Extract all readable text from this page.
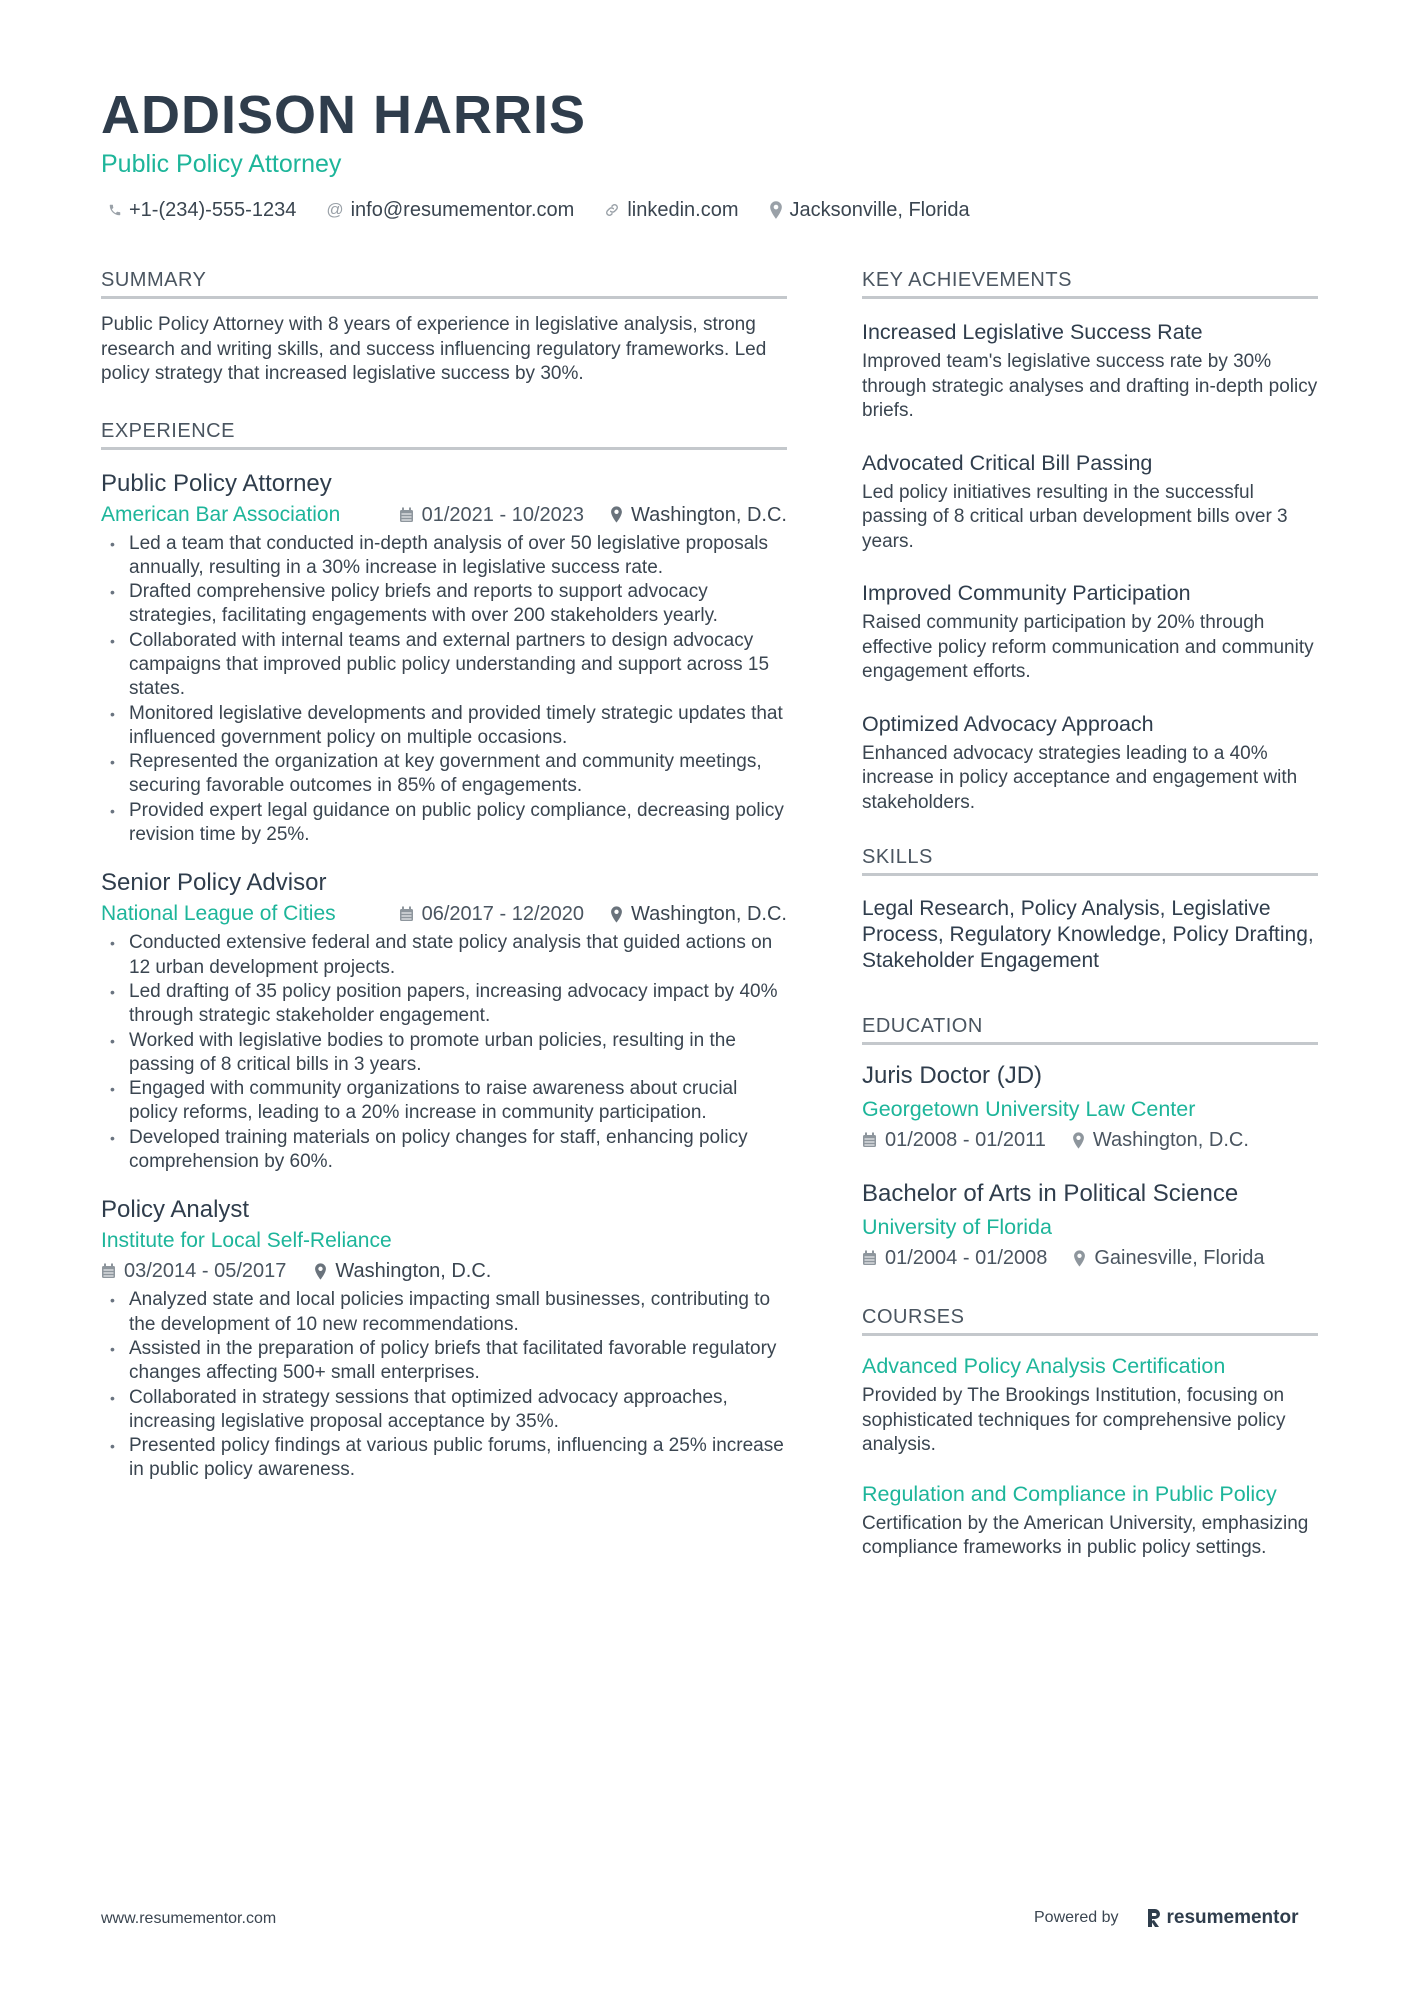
ADDISON HARRIS
Public Policy Attorney
+1-(234)-555-1234 @ info@resumementor.com	linkedin.com	Jacksonville, Florida
SUMMARY

Public Policy Attorney with 8 years of experience in legislative analysis, strong research and writing skills, and success influencing regulatory frameworks. Led policy strategy that increased legislative success by 30%.

EXPERIENCE
Public Policy Attorney
American Bar Association	01/2021 - 10/2023 Washington, D.C.
• Led a team that conducted in-depth analysis of over 50 legislative proposals annually, resulting in a 30% increase in legislative success rate.
• Drafted comprehensive policy briefs and reports to support advocacy strategies, facilitating engagements with over 200 stakeholders yearly.
• Collaborated with internal teams and external partners to design advocacy campaigns that improved public policy understanding and support across 15 states.
• Monitored legislative developments and provided timely strategic updates that influenced government policy on multiple occasions.
• Represented the organization at key government and community meetings, securing favorable outcomes in 85% of engagements.
• Provided expert legal guidance on public policy compliance, decreasing policy revision time by 25%.
Senior Policy Advisor
National League of Cities	06/2017 - 12/2020 Washington, D.C.
• Conducted extensive federal and state policy analysis that guided actions on 12 urban development projects.
• Led drafting of 35 policy position papers, increasing advocacy impact by 40% through strategic stakeholder engagement.
• Worked with legislative bodies to promote urban policies, resulting in the passing of 8 critical bills in 3 years.
• Engaged with community organizations to raise awareness about crucial policy reforms, leading to a 20% increase in community participation.
• Developed training materials on policy changes for staff, enhancing policy comprehension by 60%.
Policy Analyst
Institute for Local Self-Reliance
03/2014 - 05/2017 Washington, D.C.
• Analyzed state and local policies impacting small businesses, contributing to the development of 10 new recommendations.
• Assisted in the preparation of policy briefs that facilitated favorable regulatory changes affecting 500+ small enterprises.
• Collaborated in strategy sessions that optimized advocacy approaches, increasing legislative proposal acceptance by 35%.
• Presented policy findings at various public forums, influencing a 25% increase in public policy awareness.
KEY ACHIEVEMENTS
Increased Legislative Success Rate
Improved team's legislative success rate by 30% through strategic analyses and drafting in-depth policy briefs.
Advocated Critical Bill Passing
Led policy initiatives resulting in the successful passing of 8 critical urban development bills over 3 years.
Improved Community Participation
Raised community participation by 20% through effective policy reform communication and community engagement efforts.
Optimized Advocacy Approach
Enhanced advocacy strategies leading to a 40% increase in policy acceptance and engagement with stakeholders.
SKILLS
Legal Research, Policy Analysis, Legislative Process, Regulatory Knowledge, Policy Drafting, Stakeholder Engagement
EDUCATION
Juris Doctor (JD)
Georgetown University Law Center
01/2008 - 01/2011 Washington, D.C.
Bachelor of Arts in Political Science
University of Florida
01/2004 - 01/2008 Gainesville, Florida
COURSES
Advanced Policy Analysis Certification
Provided by The Brookings Institution, focusing on sophisticated techniques for comprehensive policy analysis.
Regulation and Compliance in Public Policy
Certification by the American University, emphasizing compliance frameworks in public policy settings.
www.resumementor.com	Powered by	resumementor
